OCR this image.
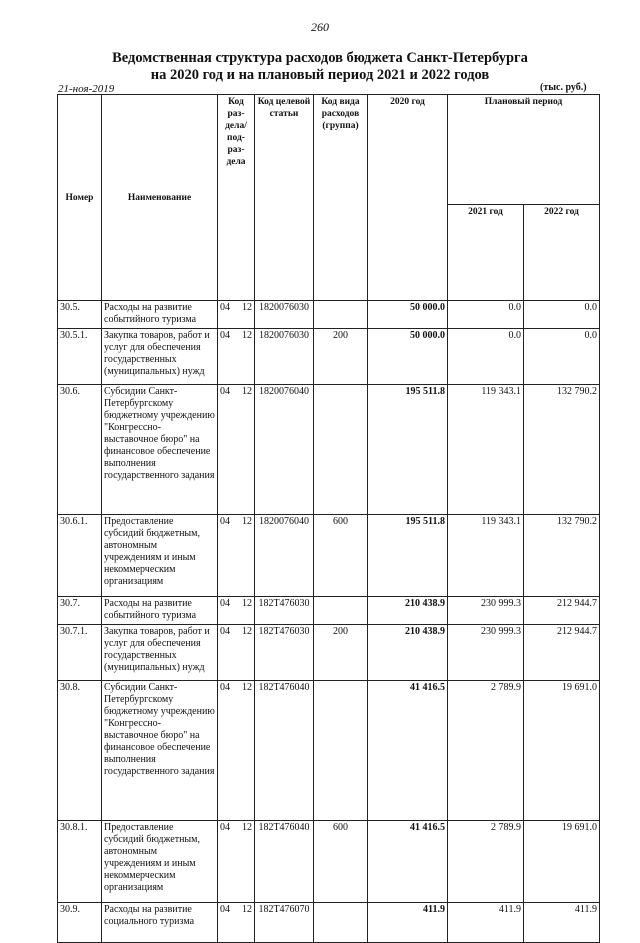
260
Ведомственная структура расходов бюджета Санкт-Петербурга
на 2020 год и на плановый период 2021 и 2022 годов
21-ноя-2019	(тыс. руб.)
Номер	Наименование	Код раз- дела/ под- раз- дела	Код целевой статьи	Код вида расходов (группа)	2020 год	Плановый период	
						2021 год	2022 год
30.5.	Расходы на развитие событийного туризма	04 12	1820076030		50 000.0	0.0	0.0
30.5.1.	Закупка товаров, работ и услуг для обеспечения государственных (муниципальных) нужд	04 12	1820076030	200	50 000.0	0.0	0.0
30.6.	Субсидии Санкт-Петербургскому бюджетному учреждению "Конгрессно-выставочное бюро" на финансовое обеспечение выполнения государственного задания	04 12	1820076040		195 511.8	119 343.1	132 790.2
30.6.1.	Предоставление субсидий бюджетным, автономным учреждениям и иным некоммерческим организациям	04 12	1820076040	600	195 511.8	119 343.1	132 790.2
30.7.	Расходы на развитие событийного туризма	04 12	182Т476030		210 438.9	230 999.3	212 944.7
30.7.1.	Закупка товаров, работ и услуг для обеспечения государственных (муниципальных) нужд	04 12	182Т476030	200	210 438.9	230 999.3	212 944.7
30.8.	Субсидии Санкт-Петербургскому бюджетному учреждению "Конгрессно-выставочное бюро" на финансовое обеспечение выполнения государственного задания	04 12	182Т476040		41 416.5	2 789.9	19 691.0
30.8.1.	Предоставление субсидий бюджетным, автономным учреждениям и иным некоммерческим организациям	04 12	182Т476040	600	41 416.5	2 789.9	19 691.0
30.9.	Расходы на развитие социального туризма	04 12	182Т476070		411.9	411.9	411.9
